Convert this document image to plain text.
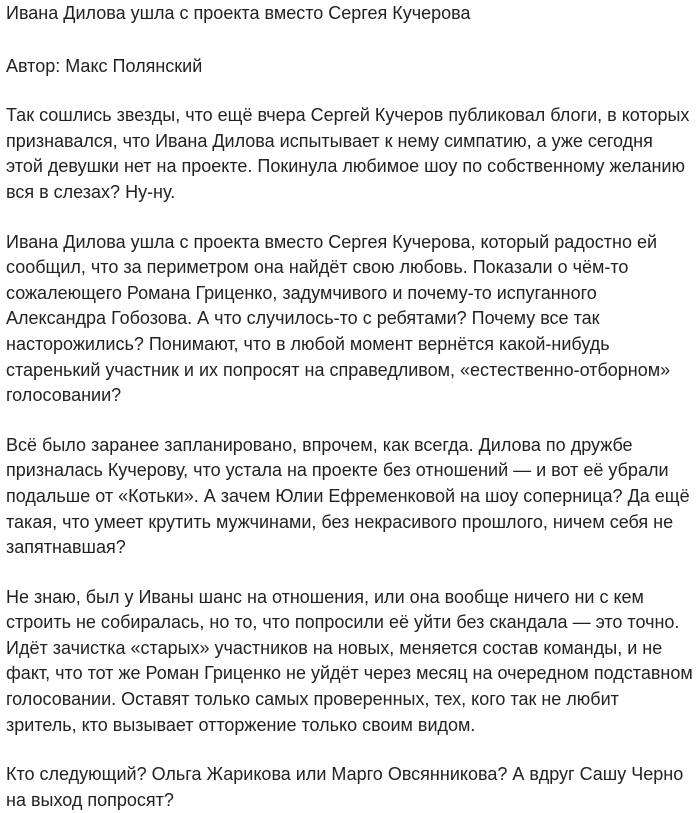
Ивана Дилова ушла с проекта вместо Сергея Кучерова

Автор: Макс Полянский

Так сошлись звезды, что ещё вчера Сергей Кучеров публиковал блоги, в которых признавался, что Ивана Дилова испытывает к нему симпатию, а уже сегодня этой девушки нет на проекте. Покинула любимое шоу по собственному желанию вся в слезах? Ну-ну.

Ивана Дилова ушла с проекта вместо Сергея Кучерова, который радостно ей сообщил, что за периметром она найдёт свою любовь. Показали о чём-то сожалеющего Романа Гриценко, задумчивого и почему-то испуганного Александра Гобозова. А что случилось-то с ребятами? Почему все так насторожились? Понимают, что в любой момент вернётся какой-нибудь старенький участник и их попросят на справедливом, «естественно-отборном» голосовании?

Всё было заранее запланировано, впрочем, как всегда. Дилова по дружбе призналась Кучерову, что устала на проекте без отношений — и вот её убрали подальше от «Котьки». А зачем Юлии Ефременковой на шоу соперница? Да ещё такая, что умеет крутить мужчинами, без некрасивого прошлого, ничем себя не запятнавшая?

Не знаю, был у Иваны шанс на отношения, или она вообще ничего ни с кем строить не собиралась, но то, что попросили её уйти без скандала — это точно. Идёт зачистка «старых» участников на новых, меняется состав команды, и не факт, что тот же Роман Гриценко не уйдёт через месяц на очередном подставном голосовании. Оставят только самых проверенных, тех, кого так не любит зритель, кто вызывает отторжение только своим видом.

Кто следующий? Ольга Жарикова или Марго Овсянникова? А вдруг Сашу Черно на выход попросят?
